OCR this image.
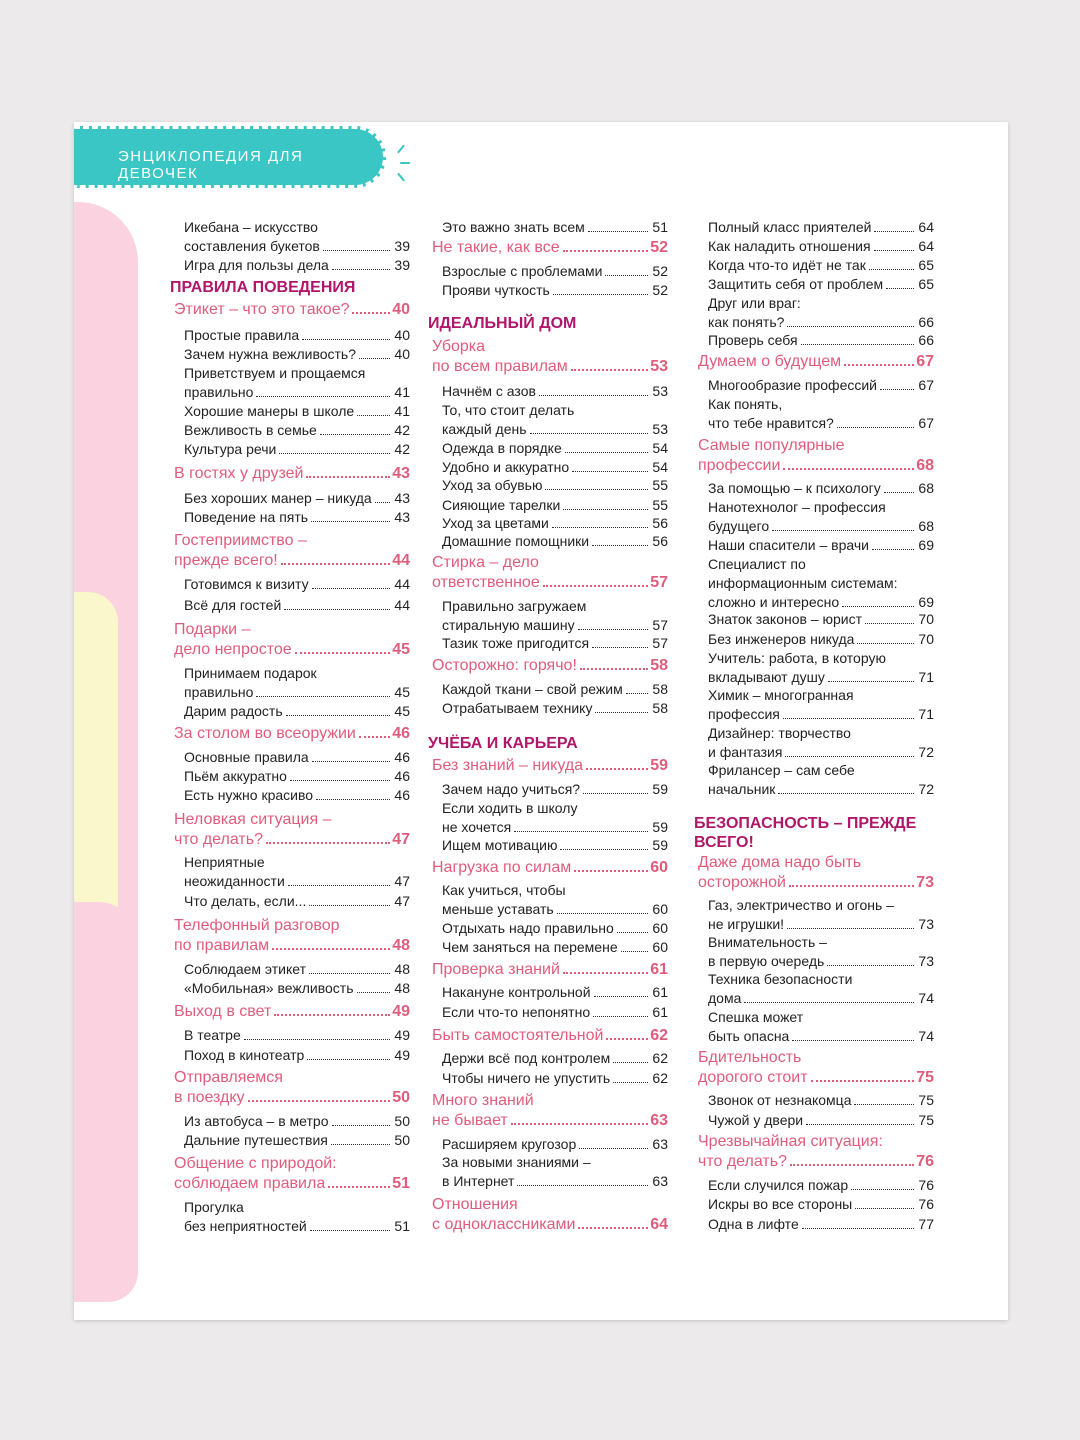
ЭНЦИКЛОПЕДИЯ ДЛЯ ДЕВОЧЕК
Икебана – искусство
составления букетов	39
Игра для пользы дела	39
ПРАВИЛА ПОВЕДЕНИЯ
Этикет – что это такое?	40
Простые правила	40
Зачем нужна вежливость?	40
Приветствуем и прощаемся
правильно	41
Хорошие манеры в школе	41
Вежливость в семье	42
Культура речи	42
В гостях у друзей	43
Без хороших манер – никуда 43
Поведение на пять	43
Гостеприимство –
прежде всего!	44
Готовимся к визиту	44
Всё для гостей	44
Подарки –
дело непростое	45
Принимаем подарок
правильно	45
Дарим радость	45
За столом во всеоружии 46
Основные правила	46
Пьём аккуратно	46
Есть нужно красиво	46
Неловкая ситуация –
что делать?	47
Неприятные
неожиданности	47
Что делать, если...	47
Телефонный разговор
по правилам	48
Соблюдаем этикет	48
«Мобильная» вежливость	48
Выход в свет	49
В театре	49
Поход в кинотеатр	49
Отправляемся
в поездку	50
Из автобуса – в метро	50
Дальние путешествия	50
Общение с природой:
соблюдаем правила	51
Прогулка
без неприятностей	51
Это важно знать всем	51
Не такие, как все	52
Взрослые с проблемами	52
Прояви чуткость	52
ИДЕАЛЬНЫЙ ДОМ
Уборка
по всем правилам	53
Начнём с азов	53
То, что стоит делать
каждый день	53
Одежда в порядке	54
Удобно и аккуратно	54
Уход за обувью	55
Сияющие тарелки	55
Уход за цветами	56
Домашние помощники	56
Стирка – дело
ответственное	57
Правильно загружаем
стиральную машину	57
Тазик тоже пригодится	57
Осторожно: горячо!	58
Каждой ткани – свой режим 58
Отрабатываем технику	58
УЧЁБА И КАРЬЕРА
Без знаний – никуда	59
Зачем надо учиться?	59
Если ходить в школу
не хочется	59
Ищем мотивацию	59
Нагрузка по силам	60
Как учиться, чтобы
меньше уставать	60
Отдыхать надо правильно	60
Чем заняться на перемене 60
Проверка знаний	61
Накануне контрольной	61
Если что-то непонятно	61
Быть самостоятельной	62
Держи всё под контролем	62
Чтобы ничего не упустить	62
Много знаний
не бывает	63
Расширяем кругозор	63
За новыми знаниями –
в Интернет	63
Отношения
с одноклассниками	64
Полный класс приятелей	64
Как наладить отношения	64
Когда что-то идёт не так	65
Защитить себя от проблем	65
Друг или враг:
как понять?	66
Проверь себя	66
Думаем о будущем	67
Многообразие профессий	67
Как понять,
что тебе нравится?	67
Самые популярные
профессии	68
За помощью – к психологу	68
Нанотехнолог – профессия
будущего	68
Наши спасители – врачи	69
Специалист по
информационным системам:
сложно и интересно	69
Знаток законов – юрист	70
Без инженеров никуда	70
Учитель: работа, в которую
вкладывают душу	71
Химик – многогранная
профессия	71
Дизайнер: творчество
и фантазия	72
Фрилансер – сам себе
начальник	72
БЕЗОПАСНОСТЬ – ПРЕЖДЕ
ВСЕГО!
Даже дома надо быть
осторожной	73
Газ, электричество и огонь –
не игрушки!	73
Внимательность –
в первую очередь	73
Техника безопасности
дома	74
Спешка может
быть опасна	74
Бдительность
дорогого стоит	75
Звонок от незнакомца	75
Чужой у двери	75
Чрезвычайная ситуация:
что делать?	76
Если случился пожар	76
Искры во все стороны	76
Одна в лифте	77
